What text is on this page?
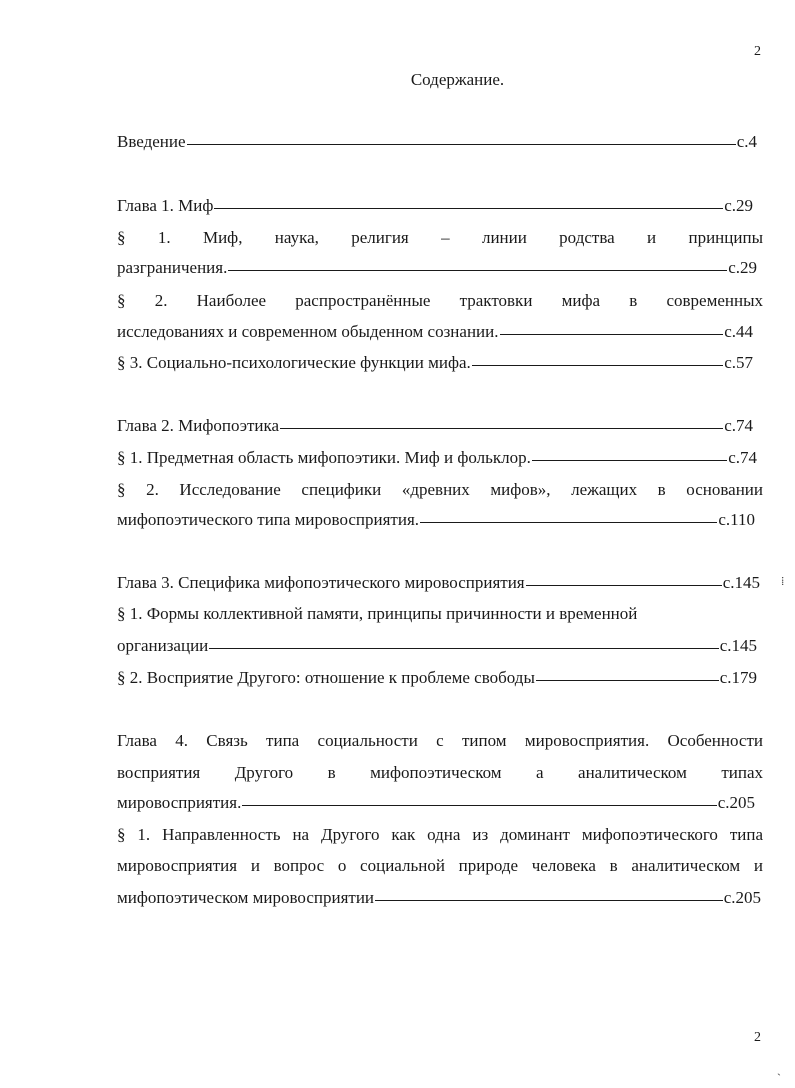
2
Содержание.
Введение	с.4
Глава 1. Миф	с.29
§ 1. Миф, наука, религия – линии родства и принципы
разграничения.	с.29
§ 2. Наиболее распространённые трактовки мифа в современных
исследованиях и современном обыденном сознании.	с.44
§ 3. Социально-психологические функции мифа.	с.57
Глава 2. Мифопоэтика	с.74
§ 1. Предметная область мифопоэтики. Миф и фольклор.	с.74
§ 2. Исследование специфики «древних мифов», лежащих в основании
мифопоэтического типа мировосприятия.	с.110
Глава 3. Специфика мифопоэтического мировосприятия	с.145
§ 1. Формы коллективной памяти, принципы причинности и временной
организации	с.145
§ 2. Восприятие Другого: отношение к проблеме свободы	с.179
Глава 4. Связь типа социальности с типом мировосприятия. Особенности
восприятия Другого в мифопоэтическом а аналитическом типах
мировосприятия.	с.205
§ 1. Направленность на Другого как одна из доминант мифопоэтического типа
мировосприятия и вопрос о социальной природе человека в аналитическом и
мифопоэтическом мировосприятии	с.205
⁞
2
ˏ
